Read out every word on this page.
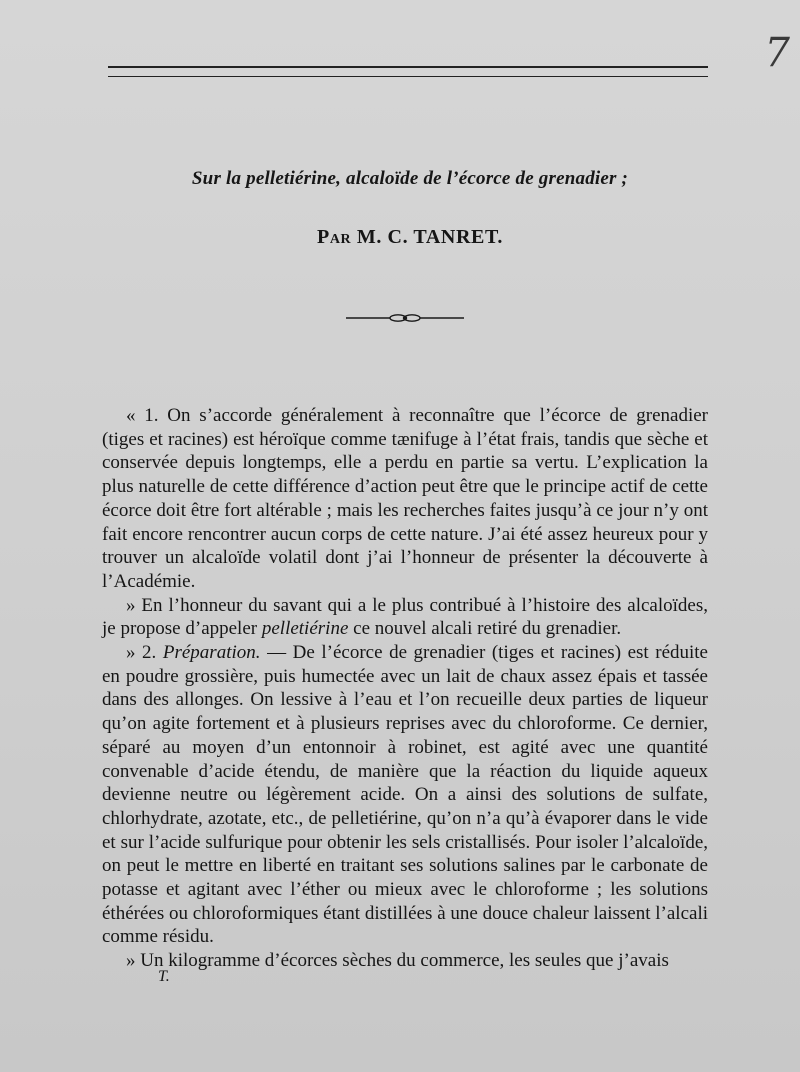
7
Sur la pelletiérine, alcaloïde de l’écorce de grenadier ;
Par M. C. TANRET.

« 1. On s’accorde généralement à reconnaître que l’écorce de grenadier (tiges et racines) est héroïque comme tænifuge à l’état frais, tandis que sèche et conservée depuis longtemps, elle a perdu en partie sa vertu. L’explication la plus naturelle de cette différence d’action peut être que le principe actif de cette écorce doit être fort altérable ; mais les recherches faites jusqu’à ce jour n’y ont fait encore rencontrer aucun corps de cette nature. J’ai été assez heureux pour y trouver un alcaloïde volatil dont j’ai l’honneur de présenter la découverte à l’Académie.

» En l’honneur du savant qui a le plus contribué à l’histoire des alcaloïdes, je propose d’appeler pelletiérine ce nouvel alcali retiré du grenadier.

» 2. Préparation. — De l’écorce de grenadier (tiges et racines) est réduite en poudre grossière, puis humectée avec un lait de chaux assez épais et tassée dans des allonges. On lessive à l’eau et l’on recueille deux parties de liqueur qu’on agite fortement et à plusieurs reprises avec du chloroforme. Ce dernier, séparé au moyen d’un entonnoir à robinet, est agité avec une quantité convenable d’acide étendu, de manière que la réaction du liquide aqueux devienne neutre ou légèrement acide. On a ainsi des solutions de sulfate, chlorhydrate, azotate, etc., de pelletiérine, qu’on n’a qu’à évaporer dans le vide et sur l’acide sulfurique pour obtenir les sels cristallisés. Pour isoler l’alcaloïde, on peut le mettre en liberté en traitant ses solutions salines par le carbonate de potasse et agitant avec l’éther ou mieux avec le chloroforme ; les solutions éthérées ou chloroformiques étant distillées à une douce chaleur laissent l’alcali comme résidu.

» Un kilogramme d’écorces sèches du commerce, les seules que j’avais

T.
